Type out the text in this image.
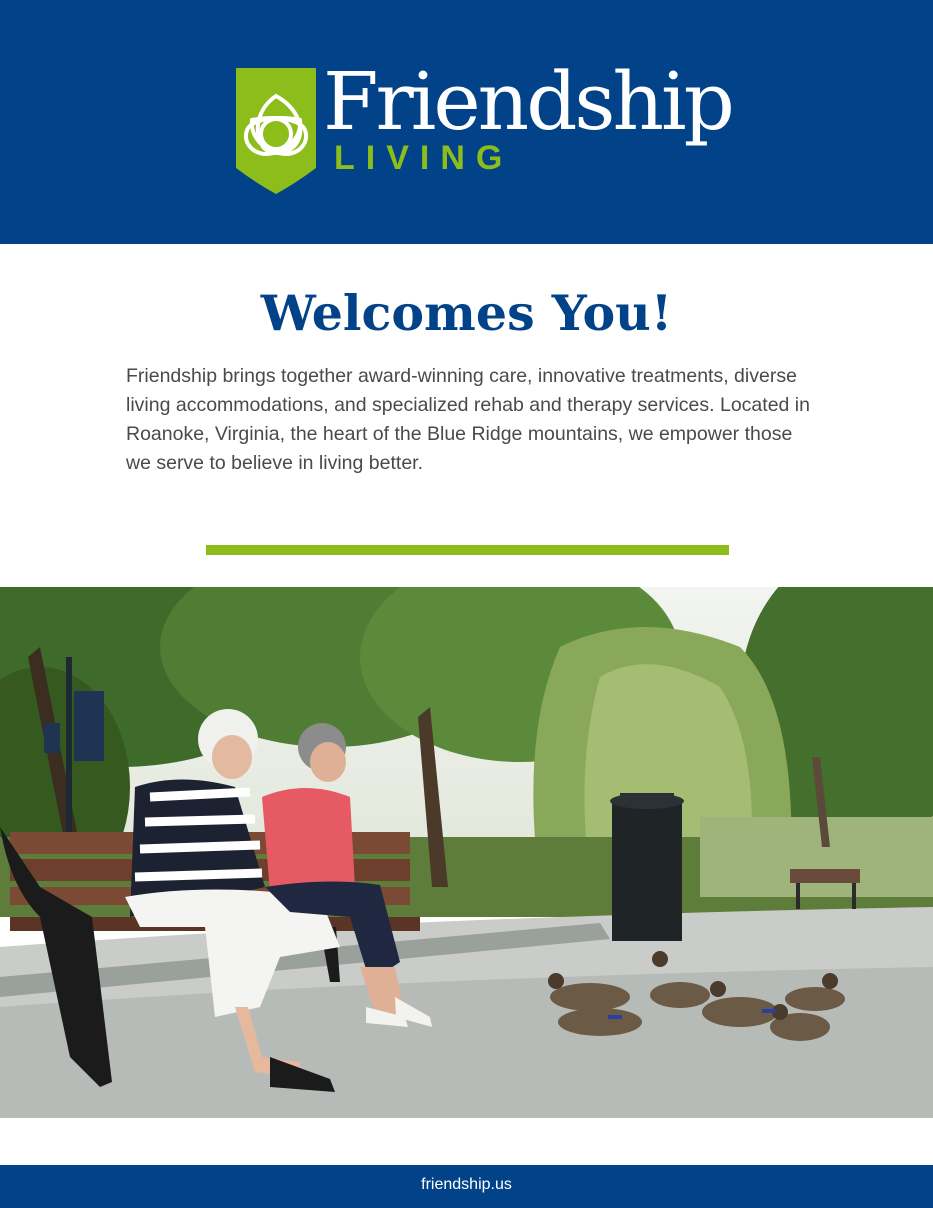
Friendship
LIVING
Welcomes You!

Friendship brings together award-winning care, innovative treatments, diverse living accommodations, and specialized rehab and therapy services. Located in Roanoke, Virginia, the heart of the Blue Ridge mountains, we empower those we serve to believe in living better.

friendship.us
